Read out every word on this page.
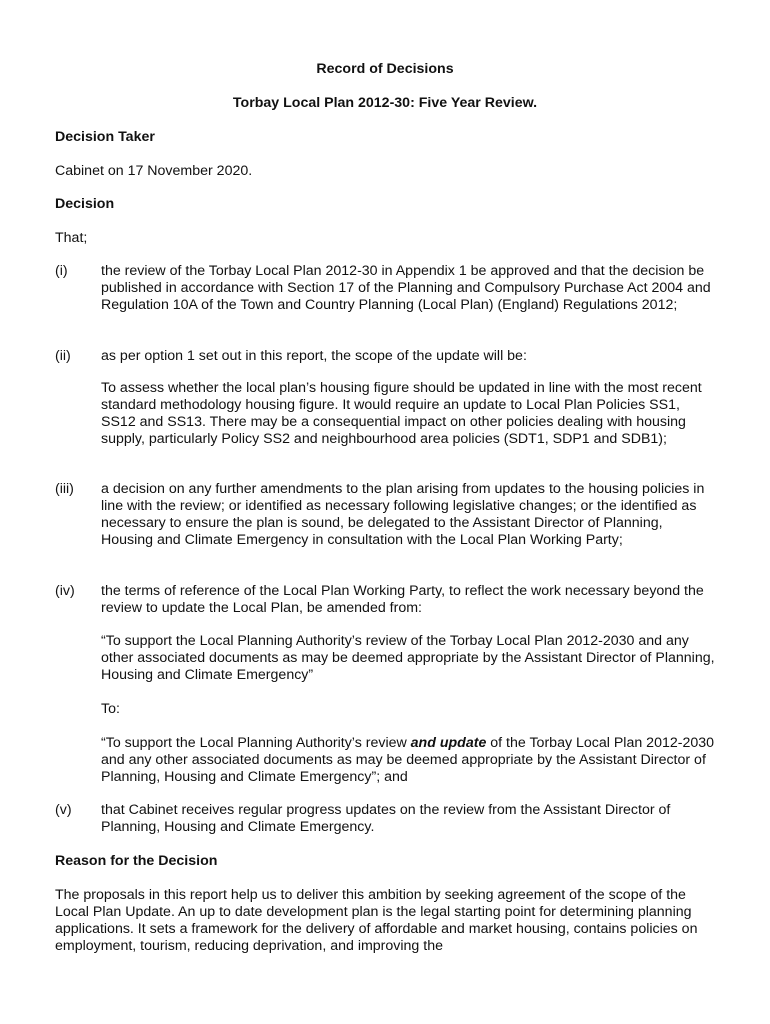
Record of Decisions

Torbay Local Plan 2012-30: Five Year Review.

Decision Taker

Cabinet on 17 November 2020.

Decision

That;

(i) the review of the Torbay Local Plan 2012-30 in Appendix 1 be approved and that the decision be published in accordance with Section 17 of the Planning and Compulsory Purchase Act 2004 and Regulation 10A of the Town and Country Planning (Local Plan) (England) Regulations 2012;

(ii) as per option 1 set out in this report, the scope of the update will be:

To assess whether the local plan’s housing figure should be updated in line with the most recent standard methodology housing figure. It would require an update to Local Plan Policies SS1, SS12 and SS13. There may be a consequential impact on other policies dealing with housing supply, particularly Policy SS2 and neighbourhood area policies (SDT1, SDP1 and SDB1);

(iii) a decision on any further amendments to the plan arising from updates to the housing policies in line with the review; or identified as necessary following legislative changes; or the identified as necessary to ensure the plan is sound, be delegated to the Assistant Director of Planning, Housing and Climate Emergency in consultation with the Local Plan Working Party;

(iv) the terms of reference of the Local Plan Working Party, to reflect the work necessary beyond the review to update the Local Plan, be amended from:

“To support the Local Planning Authority’s review of the Torbay Local Plan 2012-2030 and any other associated documents as may be deemed appropriate by the Assistant Director of Planning, Housing and Climate Emergency”

To:

“To support the Local Planning Authority’s review and update of the Torbay Local Plan 2012-2030 and any other associated documents as may be deemed appropriate by the Assistant Director of Planning, Housing and Climate Emergency”; and

(v) that Cabinet receives regular progress updates on the review from the Assistant Director of Planning, Housing and Climate Emergency.

Reason for the Decision

The proposals in this report help us to deliver this ambition by seeking agreement of the scope of the Local Plan Update. An up to date development plan is the legal starting point for determining planning applications. It sets a framework for the delivery of affordable and market housing, contains policies on employment, tourism, reducing deprivation, and improving the
